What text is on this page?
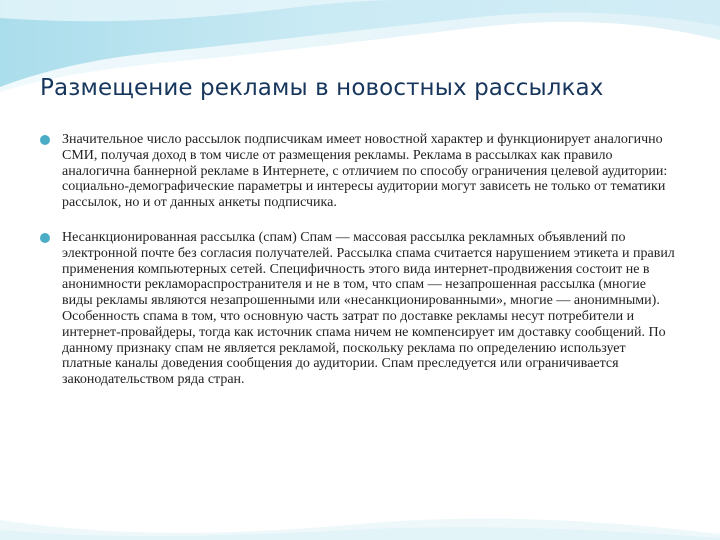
Размещение рекламы в новостных рассылках
Значительное число рассылок подписчикам имеет новостной характер и функционирует аналогично СМИ, получая доход в том числе от размещения рекламы. Реклама в рассылках как правило аналогична баннерной рекламе в Интернете, с отличием по способу ограничения целевой аудитории: социально-демографические параметры и интересы аудитории могут зависеть не только от тематики рассылок, но и от данных анкеты подписчика.
Несанкционированная рассылка (спам) Спам — массовая рассылка рекламных объявлений по электронной почте без согласия получателей. Рассылка спама считается нарушением этикета и правил применения компьютерных сетей. Специфичность этого вида интернет-продвижения состоит не в анонимности рекламораспространителя и не в том, что спам — незапрошенная рассылка (многие виды рекламы являются незапрошенными или «несанкционированными», многие — анонимными). Особенность спама в том, что основную часть затрат по доставке рекламы несут потребители и интернет-провайдеры, тогда как источник спама ничем не компенсирует им доставку сообщений. По данному признаку спам не является рекламой, поскольку реклама по определению использует платные каналы доведения сообщения до аудитории. Спам преследуется или ограничивается законодательством ряда стран.
